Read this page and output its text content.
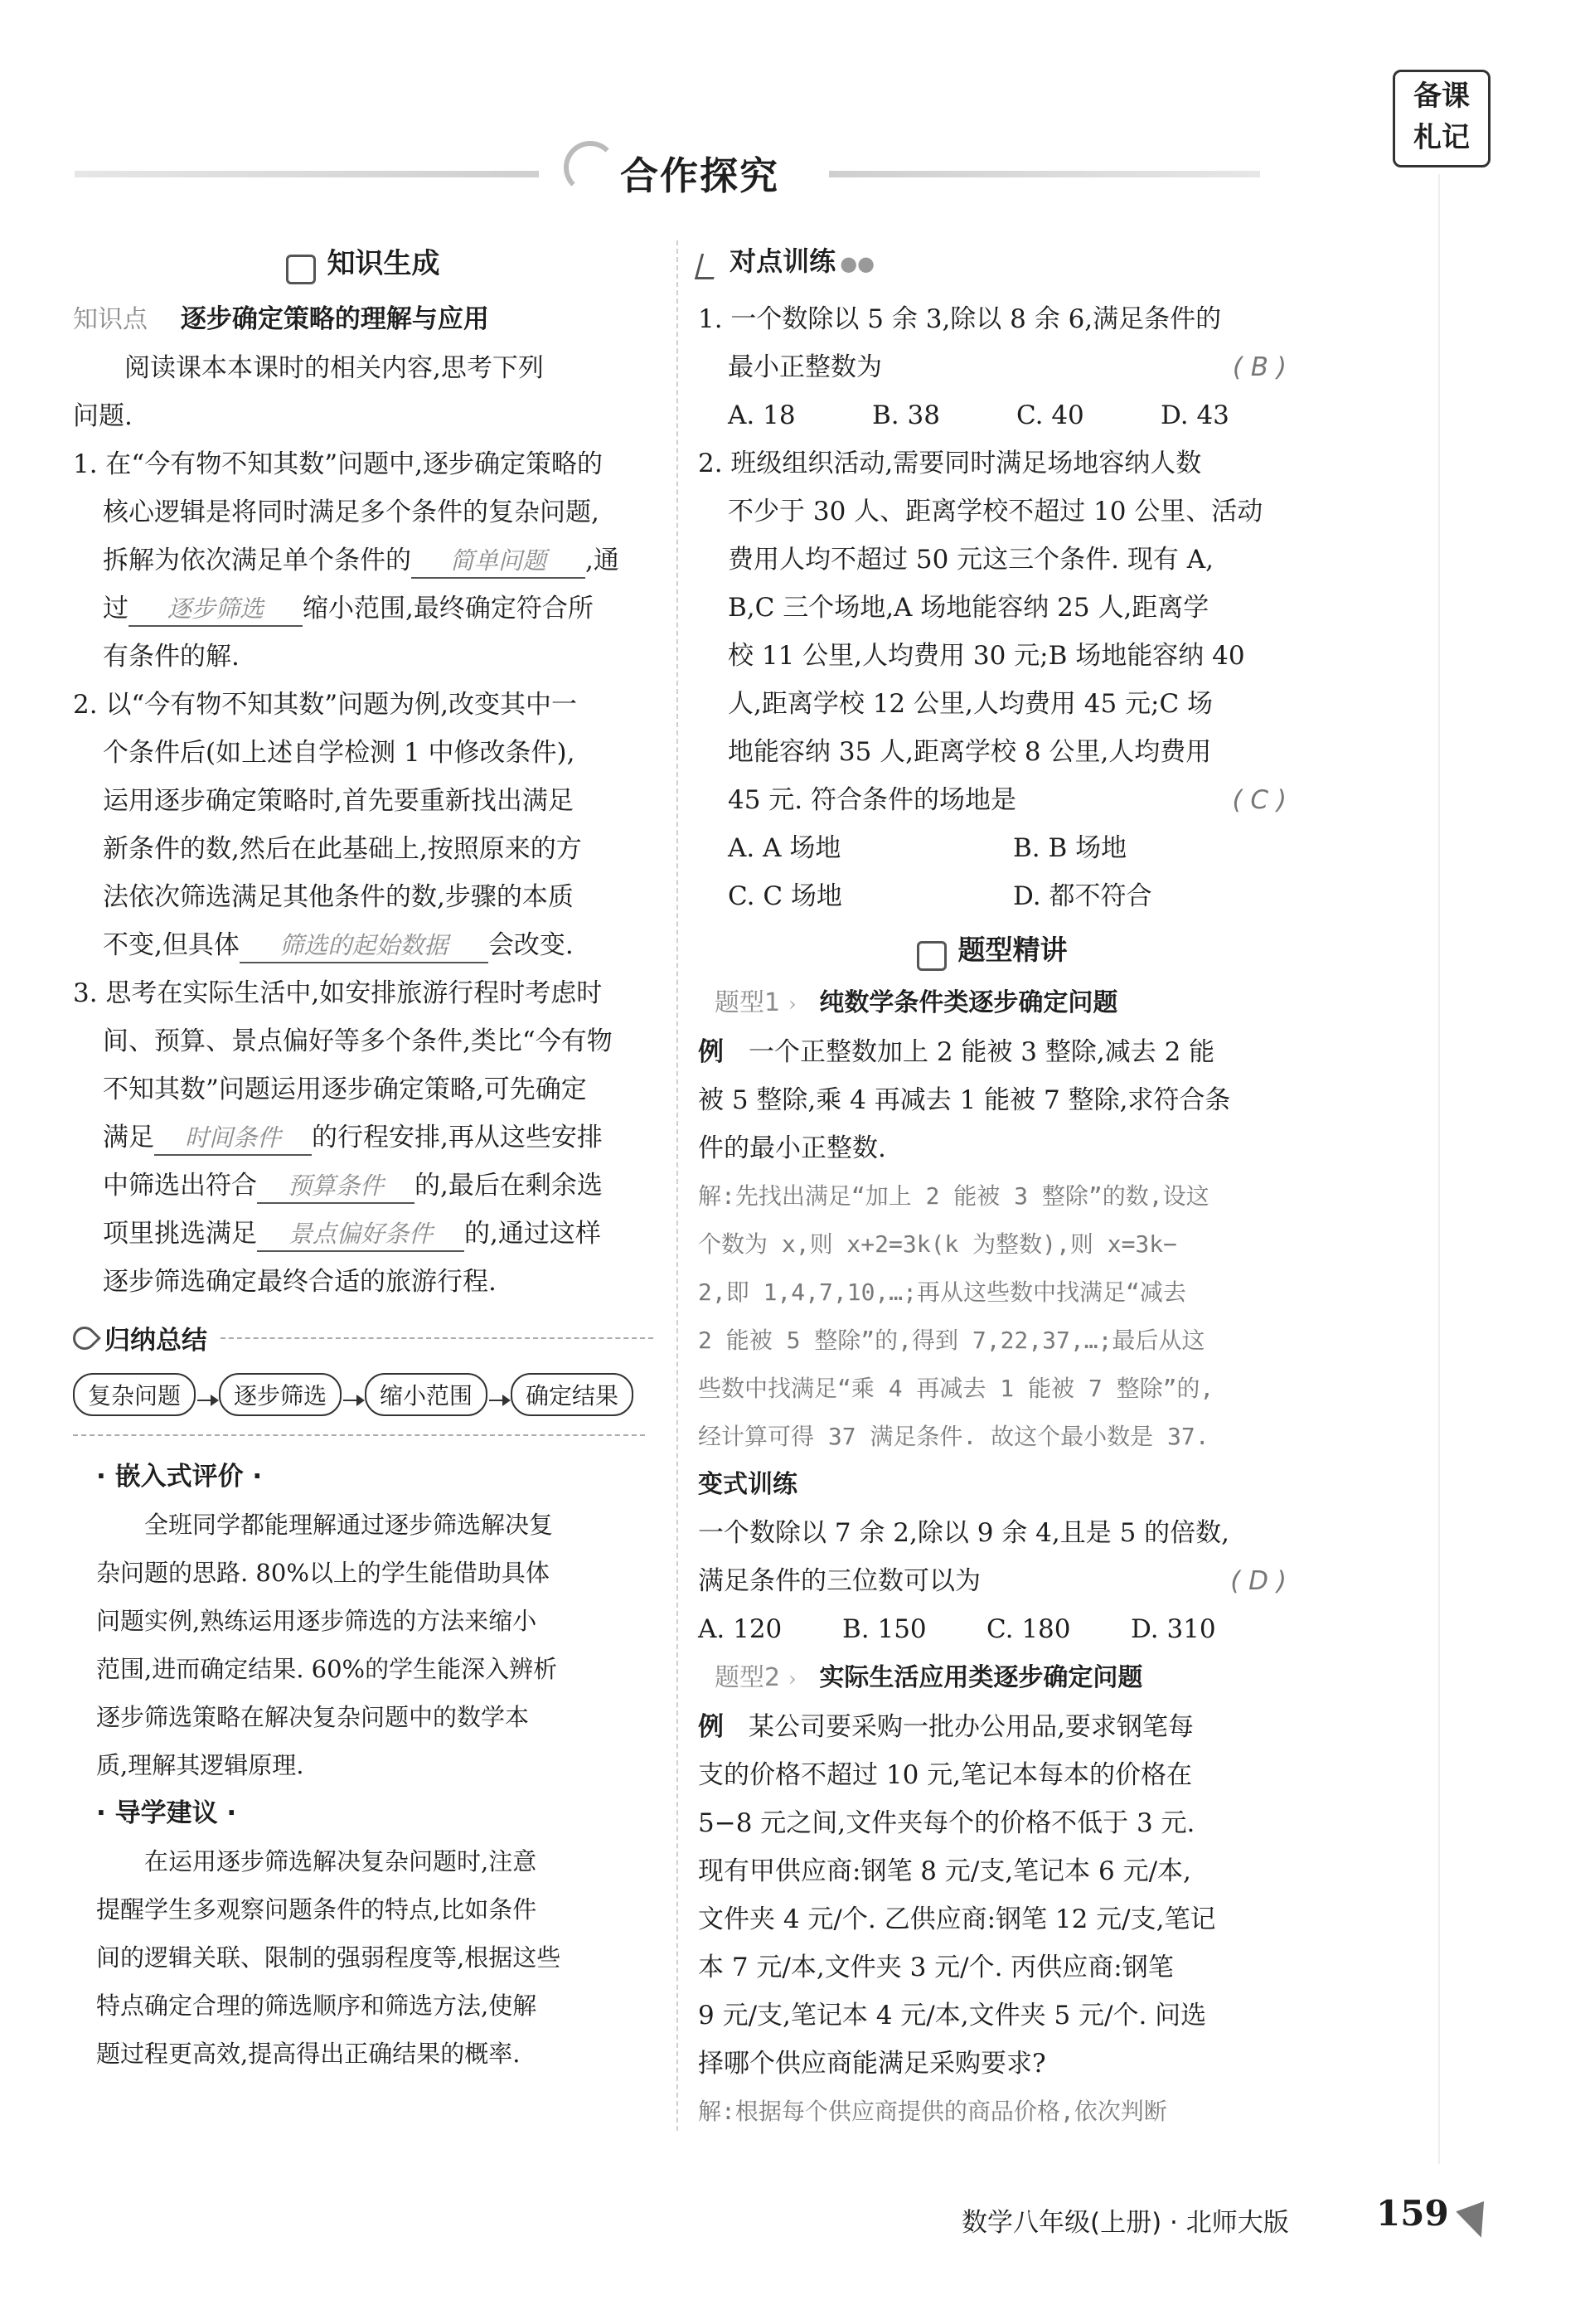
合作探究
备课
札记
知识生成
知识点 逐步确定策略的理解与应用
阅读课本本课时的相关内容,思考下列
问题.
1. 在“今有物不知其数”问题中,逐步确定策略的
核心逻辑是将同时满足多个条件的复杂问题,
拆解为依次满足单个条件的 简单问题 ,通
过 逐步筛选 缩小范围,最终确定符合所
有条件的解.
2. 以“今有物不知其数”问题为例,改变其中一
个条件后(如上述自学检测 1 中修改条件),
运用逐步确定策略时,首先要重新找出满足
新条件的数,然后在此基础上,按照原来的方
法依次筛选满足其他条件的数,步骤的本质
不变,但具体 筛选的起始数据 会改变.
3. 思考在实际生活中,如安排旅游行程时考虑时
间、预算、景点偏好等多个条件,类比“今有物
不知其数”问题运用逐步确定策略,可先确定
满足 时间条件 的行程安排,再从这些安排
中筛选出符合 预算条件 的,最后在剩余选
项里挑选满足 景点偏好条件 的,通过这样
逐步筛选确定最终合适的旅游行程.
归纳总结
复杂问题 逐步筛选 缩小范围 确定结果
· 嵌入式评价 ·
全班同学都能理解通过逐步筛选解决复
杂问题的思路. 80%以上的学生能借助具体
问题实例,熟练运用逐步筛选的方法来缩小
范围,进而确定结果. 60%的学生能深入辨析
逐步筛选策略在解决复杂问题中的数学本
质,理解其逻辑原理.
· 导学建议 ·
在运用逐步筛选解决复杂问题时,注意
提醒学生多观察问题条件的特点,比如条件
间的逻辑关联、限制的强弱程度等,根据这些
特点确定合理的筛选顺序和筛选方法,使解
题过程更高效,提高得出正确结果的概率.
对点训练 ●●
1. 一个数除以 5 余 3,除以 8 余 6,满足条件的
最小正整数为	( B )
A. 18	B. 38	C. 40	D. 43
2. 班级组织活动,需要同时满足场地容纳人数
不少于 30 人、距离学校不超过 10 公里、活动
费用人均不超过 50 元这三个条件. 现有 A,
B,C 三个场地,A 场地能容纳 25 人,距离学
校 11 公里,人均费用 30 元;B 场地能容纳 40
人,距离学校 12 公里,人均费用 45 元;C 场
地能容纳 35 人,距离学校 8 公里,人均费用
45 元. 符合条件的场地是	( C )
A. A 场地	B. B 场地
C. C 场地	D. 都不符合
题型精讲
题型1 › 纯数学条件类逐步确定问题
例 一个正整数加上 2 能被 3 整除,减去 2 能
被 5 整除,乘 4 再减去 1 能被 7 整除,求符合条
件的最小正整数.
解:先找出满足“加上 2 能被 3 整除”的数,设这
个数为 x,则 x+2=3k(k 为整数),则 x=3k−
2,即 1,4,7,10,…;再从这些数中找满足“减去
2 能被 5 整除”的,得到 7,22,37,…;最后从这
些数中找满足“乘 4 再减去 1 能被 7 整除”的,
经计算可得 37 满足条件. 故这个最小数是 37.
变式训练
一个数除以 7 余 2,除以 9 余 4,且是 5 的倍数,
满足条件的三位数可以为	( D )
A. 120	B. 150	C. 180	D. 310
题型2 › 实际生活应用类逐步确定问题
例 某公司要采购一批办公用品,要求钢笔每
支的价格不超过 10 元,笔记本每本的价格在
5−8 元之间,文件夹每个的价格不低于 3 元.
现有甲供应商:钢笔 8 元/支,笔记本 6 元/本,
文件夹 4 元/个. 乙供应商:钢笔 12 元/支,笔记
本 7 元/本,文件夹 3 元/个. 丙供应商:钢笔
9 元/支,笔记本 4 元/本,文件夹 5 元/个. 问选
择哪个供应商能满足采购要求?
解:根据每个供应商提供的商品价格,依次判断
数学八年级(上册) · 北师大版	159
